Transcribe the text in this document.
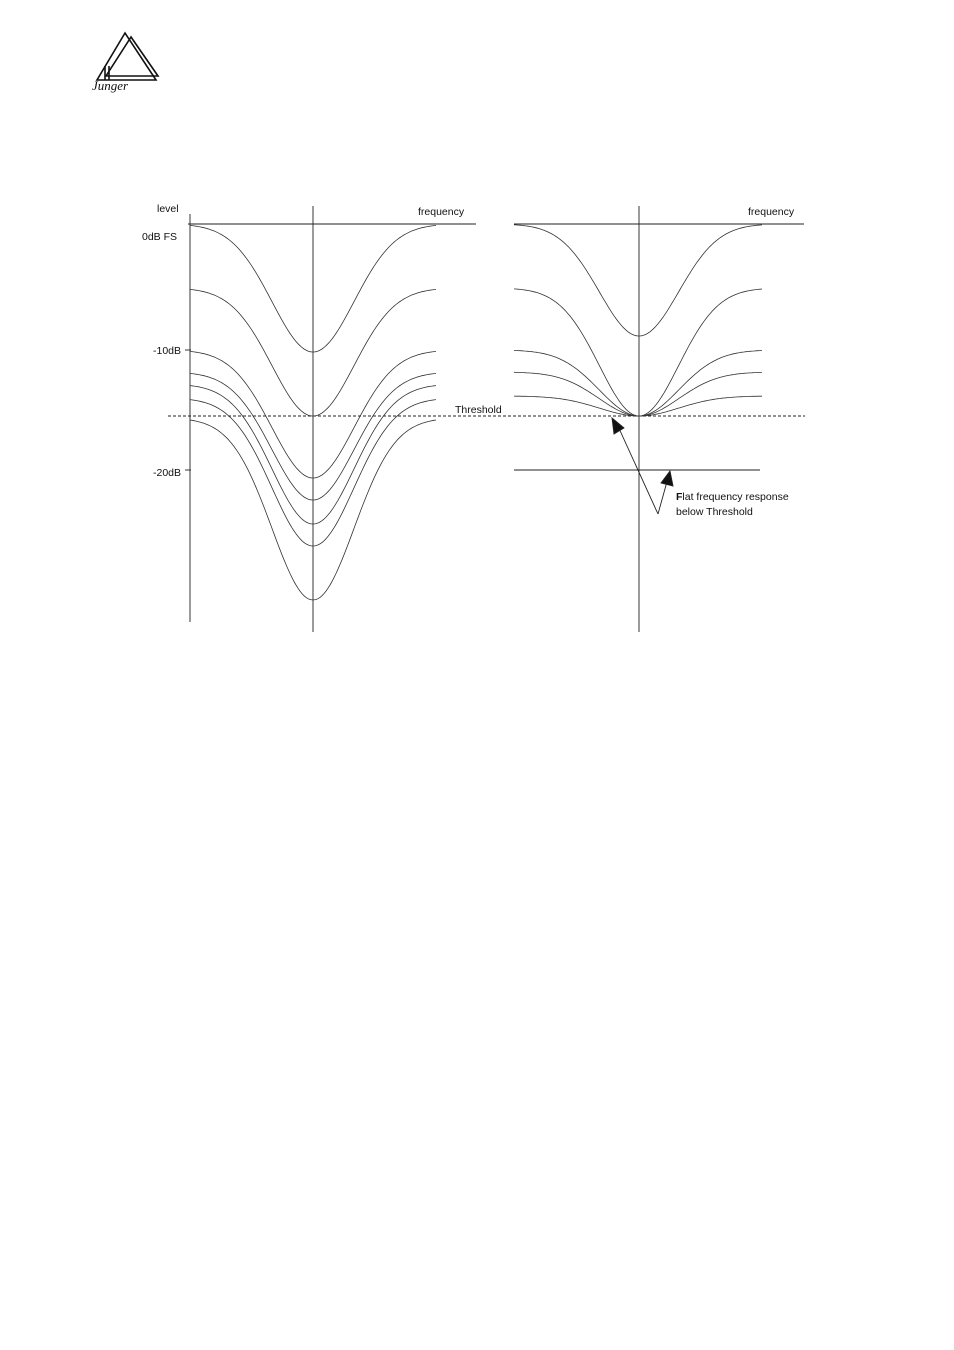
Junger
level	frequency	frequency
0dB FS
-10dB
-20dB
Threshold
Flat frequency response
below Threshold
